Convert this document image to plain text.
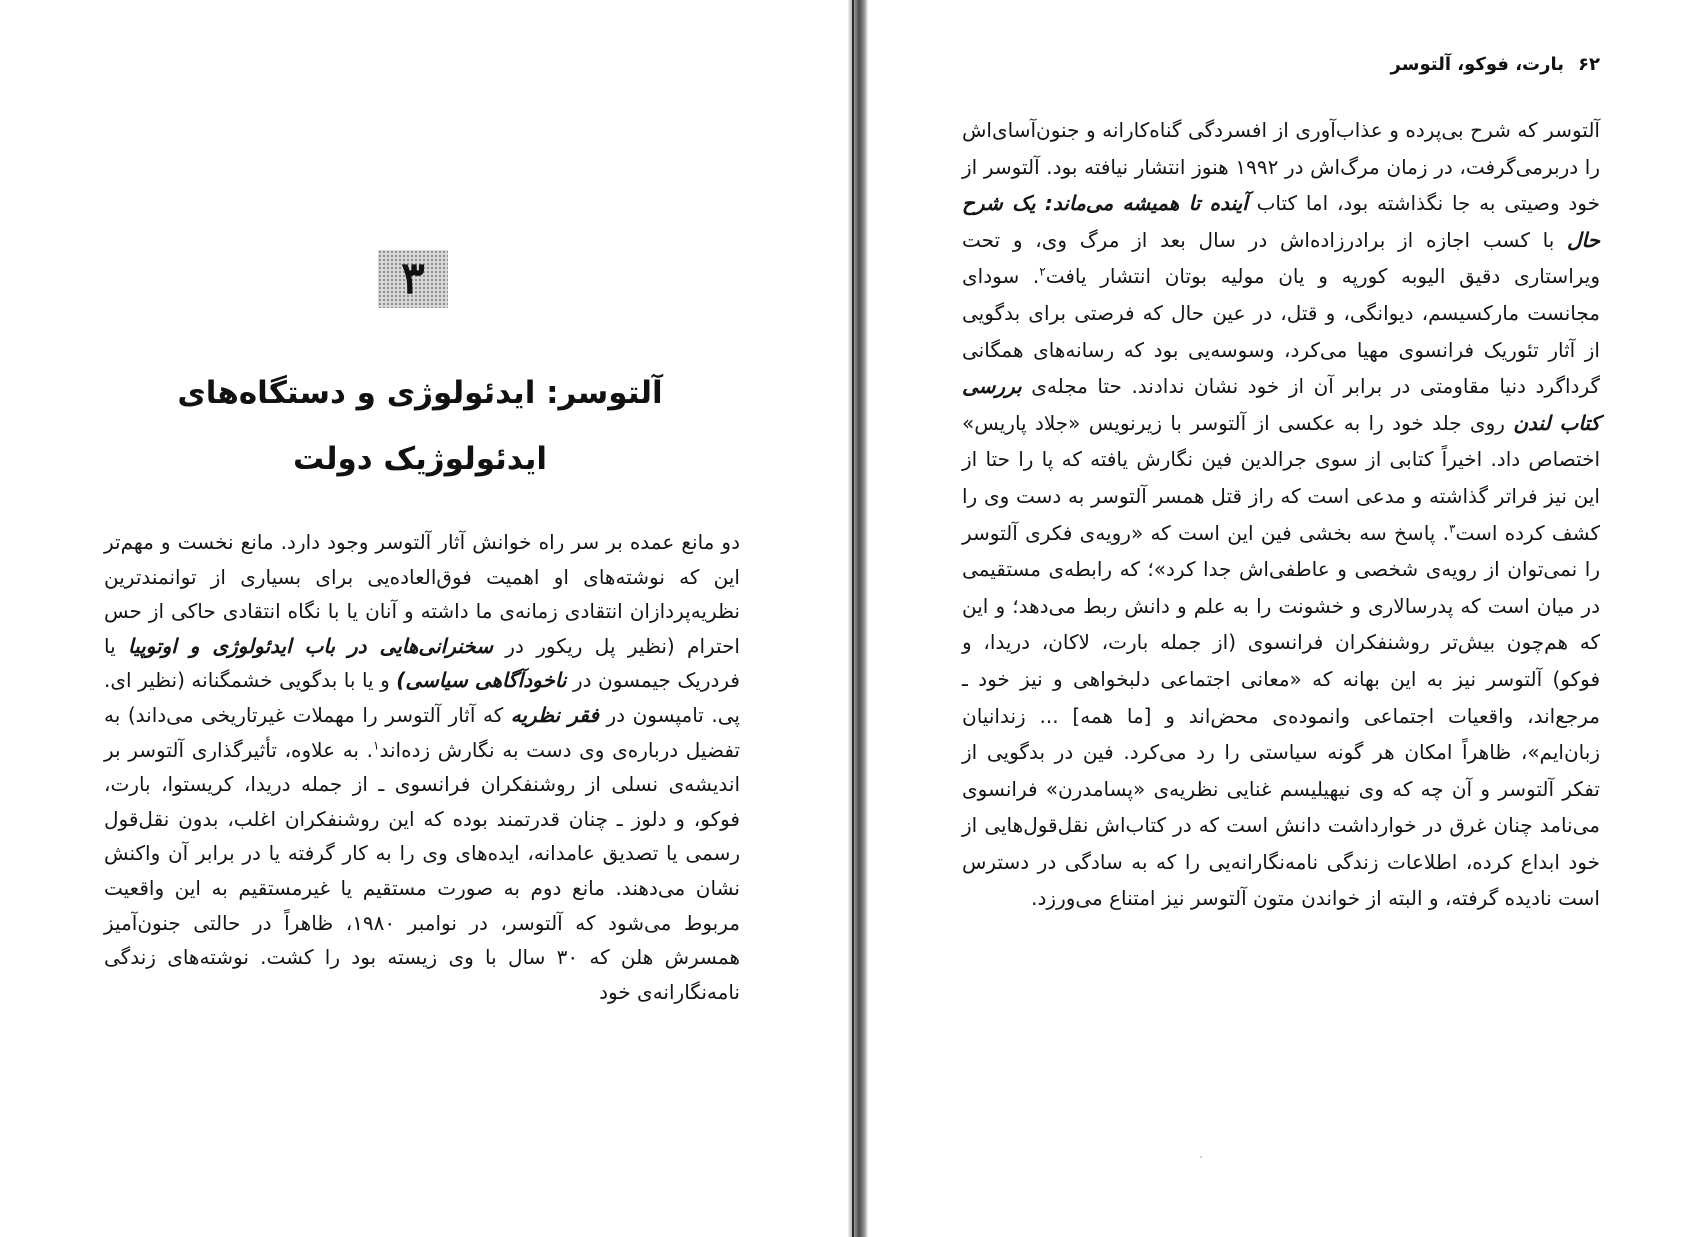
۳
آلتوسر: ایدئولوژی و دستگاه‌های
ایدئولوژیک دولت
دو مانع عمده بر سر راه خوانش آثار آلتوسر وجود دارد. مانع نخست و مهم‌تر این که نوشته‌های او اهمیت فوق‌العاده‌یی برای بسیاری از توانمندترین نظریه‌پردازان انتقادی زمانه‌ی ما داشته و آنان یا با نگاه انتقادی حاکی از حس احترام (نظیر پل ریکور در سخنرانی‌هایی در باب ایدئولوژی و اوتوپیا یا فردریک جیمسون در ناخودآگاهی سیاسی) و یا با بدگویی خشمگنانه (نظیر ای. پی. تامپسون در فقر نظریه که آثار آلتوسر را مهملات غیرتاریخی می‌داند) به تفضیل درباره‌ی وی دست به نگارش زده‌اند$^۱$. به علاوه، تأثیرگذاری آلتوسر بر اندیشه‌ی نسلی از روشنفکران فرانسوی ـ از جمله دریدا، کریستوا، بارت، فوکو، و دلوز ـ چنان قدرتمند بوده که این روشنفکران اغلب، بدون نقل‌قول رسمی یا تصدیق عامدانه، ایده‌های وی را به کار گرفته یا در برابر آن واکنش نشان می‌دهند. مانع دوم به صورت مستقیم یا غیرمستقیم به این واقعیت مربوط می‌شود که آلتوسر، در نوامبر ۱۹۸۰، ظاهراً در حالتی جنون‌آمیز همسرش هلن که ۳۰ سال با وی زیسته بود را کشت. نوشته‌های زندگی نامه‌نگارانه‌ی خود
۶۲بارت، فوکو، آلتوسر
آلتوسر که شرح بی‌پرده و عذاب‌آوری از افسردگی گناه‌کارانه و جنون‌آسای‌اش را دربرمی‌گرفت، در زمان مرگ‌اش در ۱۹۹۲ هنوز انتشار نیافته بود. آلتوسر از خود وصیتی به جا نگذاشته بود، اما کتاب آینده تا همیشه می‌ماند: یک شرح حال با کسب اجازه از برادرزاده‌اش در سال بعد از مرگ وی، و تحت ویراستاری دقیق الیوبه کورپه و یان مولیه بوتان انتشار یافت$^۲$. سودای مجانست مارکسیسم، دیوانگی، و قتل، در عین حال که فرصتی برای بدگویی از آثار تئوریک فرانسوی مهیا می‌کرد، وسوسه‌یی بود که رسانه‌های همگانی گرداگرد دنیا مقاومتی در برابر آن از خود نشان ندادند. حتا مجله‌ی بررسی کتاب لندن روی جلد خود را به عکسی از آلتوسر با زیرنویس «جلاد پاریس» اختصاص داد. اخیراً کتابی از سوی جرالدین فین نگارش یافته که پا را حتا از این نیز فراتر گذاشته و مدعی است که راز قتل همسر آلتوسر به دست وی را کشف کرده است$^۳$. پاسخ سه بخشی فین این است که «رویه‌ی فکری آلتوسر را نمی‌توان از رویه‌ی شخصی و عاطفی‌اش جدا کرد»؛ که رابطه‌ی مستقیمی در میان است که پدرسالاری و خشونت را به علم و دانش ربط می‌دهد؛ و این که هم‌چون بیش‌تر روشنفکران فرانسوی (از جمله بارت، لاکان، دریدا، و فوکو) آلتوسر نیز به این بهانه که «معانی اجتماعی دلبخواهی و نیز خود ـ مرجع‌اند، واقعیات اجتماعی وانموده‌ی محض‌اند و [ما همه] ... زندانیان زبان‌ایم»، ظاهراً امکان هر گونه سیاستی را رد می‌کرد. فین در بدگویی از تفکر آلتوسر و آن چه که وی نیهیلیسم غنایی نظریه‌ی «پسامدرن» فرانسوی می‌نامد چنان غرق در خوارداشت دانش است که در کتاب‌اش نقل‌قول‌هایی از خود ابداع کرده، اطلاعات زندگی نامه‌نگارانه‌یی را که به سادگی در دسترس است نادیده گرفته، و البته از خواندن متون آلتوسر نیز امتناع می‌ورزد.
